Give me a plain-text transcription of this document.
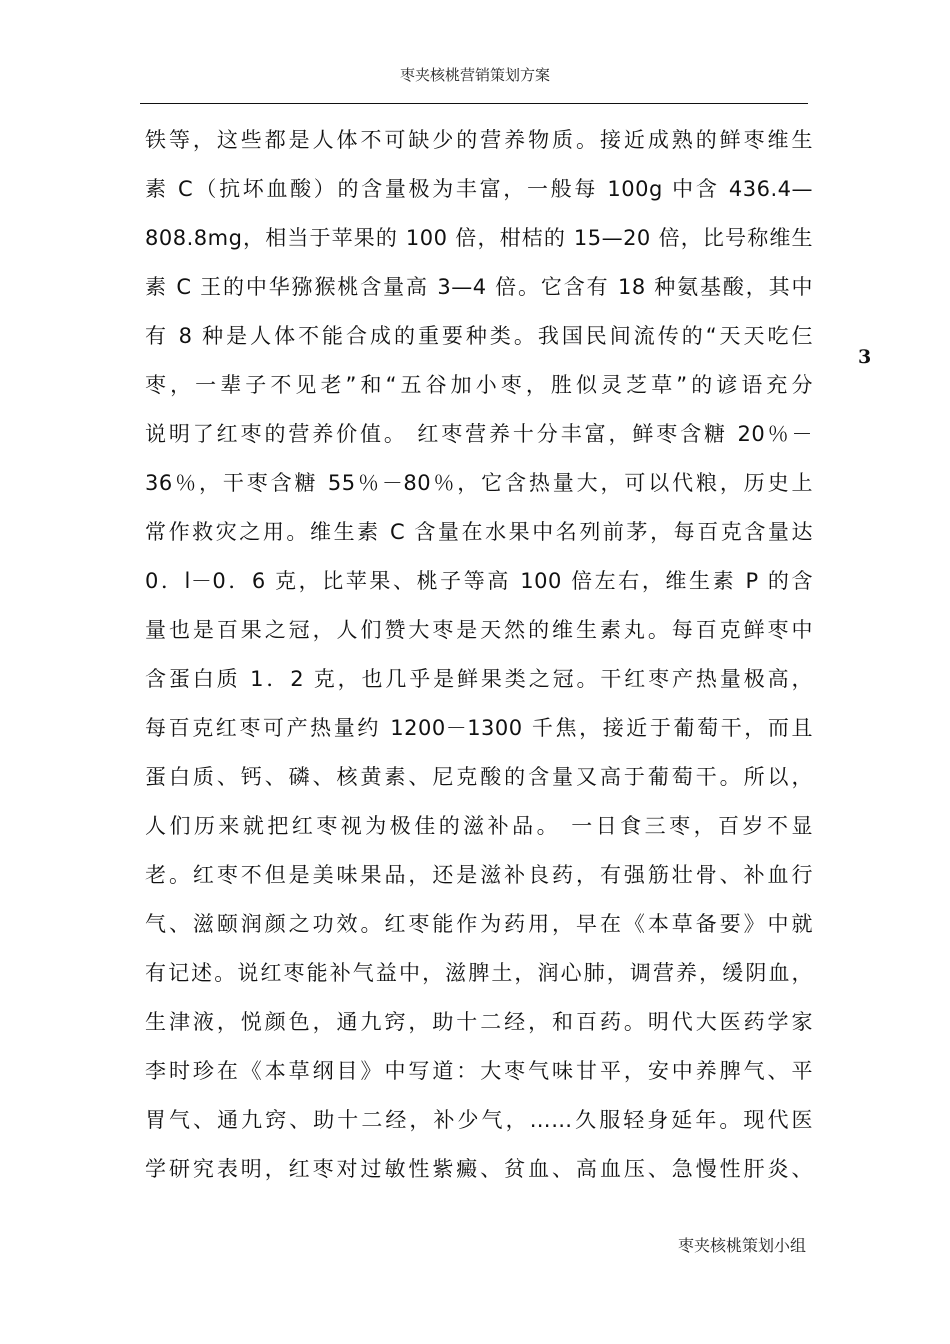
枣夹核桃营销策划方案
铁等，这些都是人体不可缺少的营养物质。接近成熟的鲜枣维生
素 C（抗坏血酸）的含量极为丰富，一般每 100g 中含 436.4—
808.8mg，相当于苹果的 100 倍，柑桔的 15—20 倍，比号称维生
素 C 王的中华猕猴桃含量高 3—4 倍。它含有 18 种氨基酸，其中
有 8 种是人体不能合成的重要种类。我国民间流传的“天天吃仨
枣，一辈子不见老”和“五谷加小枣，胜似灵芝草”的谚语充分
说明了红枣的营养价值。 红枣营养十分丰富，鲜枣含糖 20％－
36％，干枣含糖 55％－80％，它含热量大，可以代粮，历史上
常作救灾之用。维生素 C 含量在水果中名列前茅，每百克含量达
0．l－0．6 克，比苹果、桃子等高 100 倍左右，维生素 P 的含
量也是百果之冠，人们赞大枣是天然的维生素丸。每百克鲜枣中
含蛋白质 1．2 克，也几乎是鲜果类之冠。干红枣产热量极高，
每百克红枣可产热量约 1200－1300 千焦，接近于葡萄干，而且
蛋白质、钙、磷、核黄素、尼克酸的含量又高于葡萄干。所以，
人们历来就把红枣视为极佳的滋补品。 一日食三枣，百岁不显
老。红枣不但是美味果品，还是滋补良药，有强筋壮骨、补血行
气、滋颐润颜之功效。红枣能作为药用，早在《本草备要》中就
有记述。说红枣能补气益中，滋脾土，润心肺，调营养，缓阴血，
生津液，悦颜色，通九窍，助十二经，和百药。明代大医药学家
李时珍在《本草纲目》中写道：大枣气味甘平，安中养脾气、平
胃气、通九窍、助十二经，补少气，……久服轻身延年。现代医
学研究表明，红枣对过敏性紫癜、贫血、高血压、急慢性肝炎、
3
枣夹核桃策划小组
